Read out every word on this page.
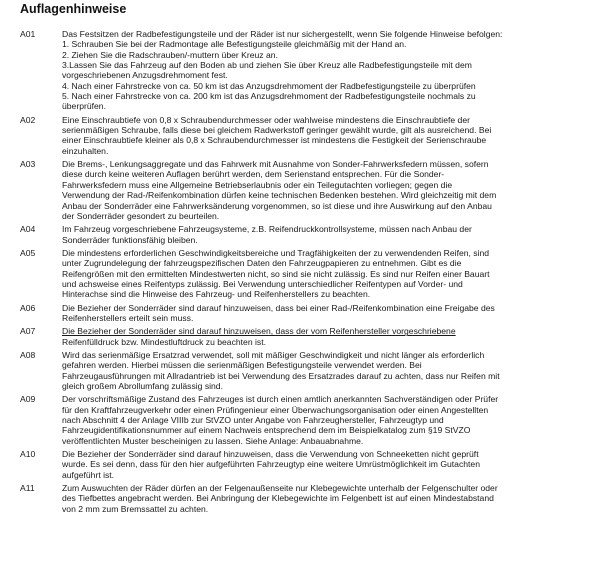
Auflagenhinweise
A01	Das Festsitzen der Radbefestigungsteile und der Räder ist nur sichergestellt, wenn Sie folgende Hinweise befolgen:
1. Schrauben Sie bei der Radmontage alle Befestigungsteile gleichmäßig mit der Hand an.
2. Ziehen Sie die Radschrauben/-muttern über Kreuz an.
3.Lassen Sie das Fahrzeug auf den Boden ab und ziehen Sie über Kreuz alle Radbefestigungsteile mit dem
vorgeschriebenen Anzugsdrehmoment fest.
4. Nach einer Fahrstrecke von ca. 50 km ist das Anzugsdrehmoment der Radbefestigungsteile zu überprüfen
5. Nach einer Fahrstrecke von ca. 200 km ist das Anzugsdrehmoment der Radbefestigungsteile nochmals zu
überprüfen.
A02	Eine Einschraubtiefe von 0,8 x Schraubendurchmesser oder wahlweise mindestens die Einschraubtiefe der
serienmäßigen Schraube, falls diese bei gleichem Radwerkstoff geringer gewählt wurde, gilt als ausreichend. Bei
einer Einschraubtiefe kleiner als 0,8 x Schraubendurchmesser ist mindestens die Festigkeit der Serienschraube
einzuhalten.
A03	Die Brems-, Lenkungsaggregate und das Fahrwerk mit Ausnahme von Sonder-Fahrwerksfedern müssen, sofern
diese durch keine weiteren Auflagen berührt werden, dem Serienstand entsprechen. Für die Sonder-
Fahrwerksfedern muss eine Allgemeine Betriebserlaubnis oder ein Teilegutachten vorliegen; gegen die
Verwendung der Rad-/Reifenkombination dürfen keine technischen Bedenken bestehen. Wird gleichzeitig mit dem
Anbau der Sonderräder eine Fahrwerksänderung vorgenommen, so ist diese und ihre Auswirkung auf den Anbau
der Sonderräder gesondert zu beurteilen.
A04	Im Fahrzeug vorgeschriebene Fahrzeugsysteme, z.B. Reifendruckkontrollsysteme, müssen nach Anbau der
Sonderräder funktionsfähig bleiben.
A05	Die mindestens erforderlichen Geschwindigkeitsbereiche und Tragfähigkeiten der zu verwendenden Reifen, sind
unter Zugrundelegung der fahrzeugspezifischen Daten den Fahrzeugpapieren zu entnehmen. Gibt es die
Reifengrößen mit den ermittelten Mindestwerten nicht, so sind sie nicht zulässig. Es sind nur Reifen einer Bauart
und achsweise eines Reifentyps zulässig. Bei Verwendung unterschiedlicher Reifentypen auf Vorder- und
Hinterachse sind die Hinweise des Fahrzeug- und Reifenherstellers zu beachten.
A06	Die Bezieher der Sonderräder sind darauf hinzuweisen, dass bei einer Rad-/Reifenkombination eine Freigabe des
Reifenherstellers erteilt sein muss.
A07	Die Bezieher der Sonderräder sind darauf hinzuweisen, dass der vom Reifenhersteller vorgeschriebene
Reifenfülldruck bzw. Mindestluftdruck zu beachten ist.
A08	Wird das serienmäßige Ersatzrad verwendet, soll mit mäßiger Geschwindigkeit und nicht länger als erforderlich
gefahren werden. Hierbei müssen die serienmäßigen Befestigungsteile verwendet werden. Bei
Fahrzeugausführungen mit Allradantrieb ist bei Verwendung des Ersatzrades darauf zu achten, dass nur Reifen mit
gleich großem Abrollumfang zulässig sind.
A09	Der vorschriftsmäßige Zustand des Fahrzeuges ist durch einen amtlich anerkannten Sachverständigen oder Prüfer
für den Kraftfahrzeugverkehr oder einen Prüfingenieur einer Überwachungsorganisation oder einen Angestellten
nach Abschnitt 4 der Anlage VIIIb zur StVZO unter Angabe von Fahrzeughersteller, Fahrzeugtyp und
Fahrzeugidentifikationsnummer auf einem Nachweis entsprechend dem im Beispielkatalog zum §19 StVZO
veröffentlichten Muster bescheinigen zu lassen. Siehe Anlage: Anbauabnahme.
A10	Die Bezieher der Sonderräder sind darauf hinzuweisen, dass die Verwendung von Schneeketten nicht geprüft
wurde. Es sei denn, dass für den hier aufgeführten Fahrzeugtyp eine weitere Umrüstmöglichkeit im Gutachten
aufgeführt ist.
A11	Zum Auswuchten der Räder dürfen an der Felgenaußenseite nur Klebegewichte unterhalb der Felgenschulter oder
des Tiefbettes angebracht werden. Bei Anbringung der Klebegewichte im Felgenbett ist auf einen Mindestabstand
von 2 mm zum Bremssattel zu achten.
